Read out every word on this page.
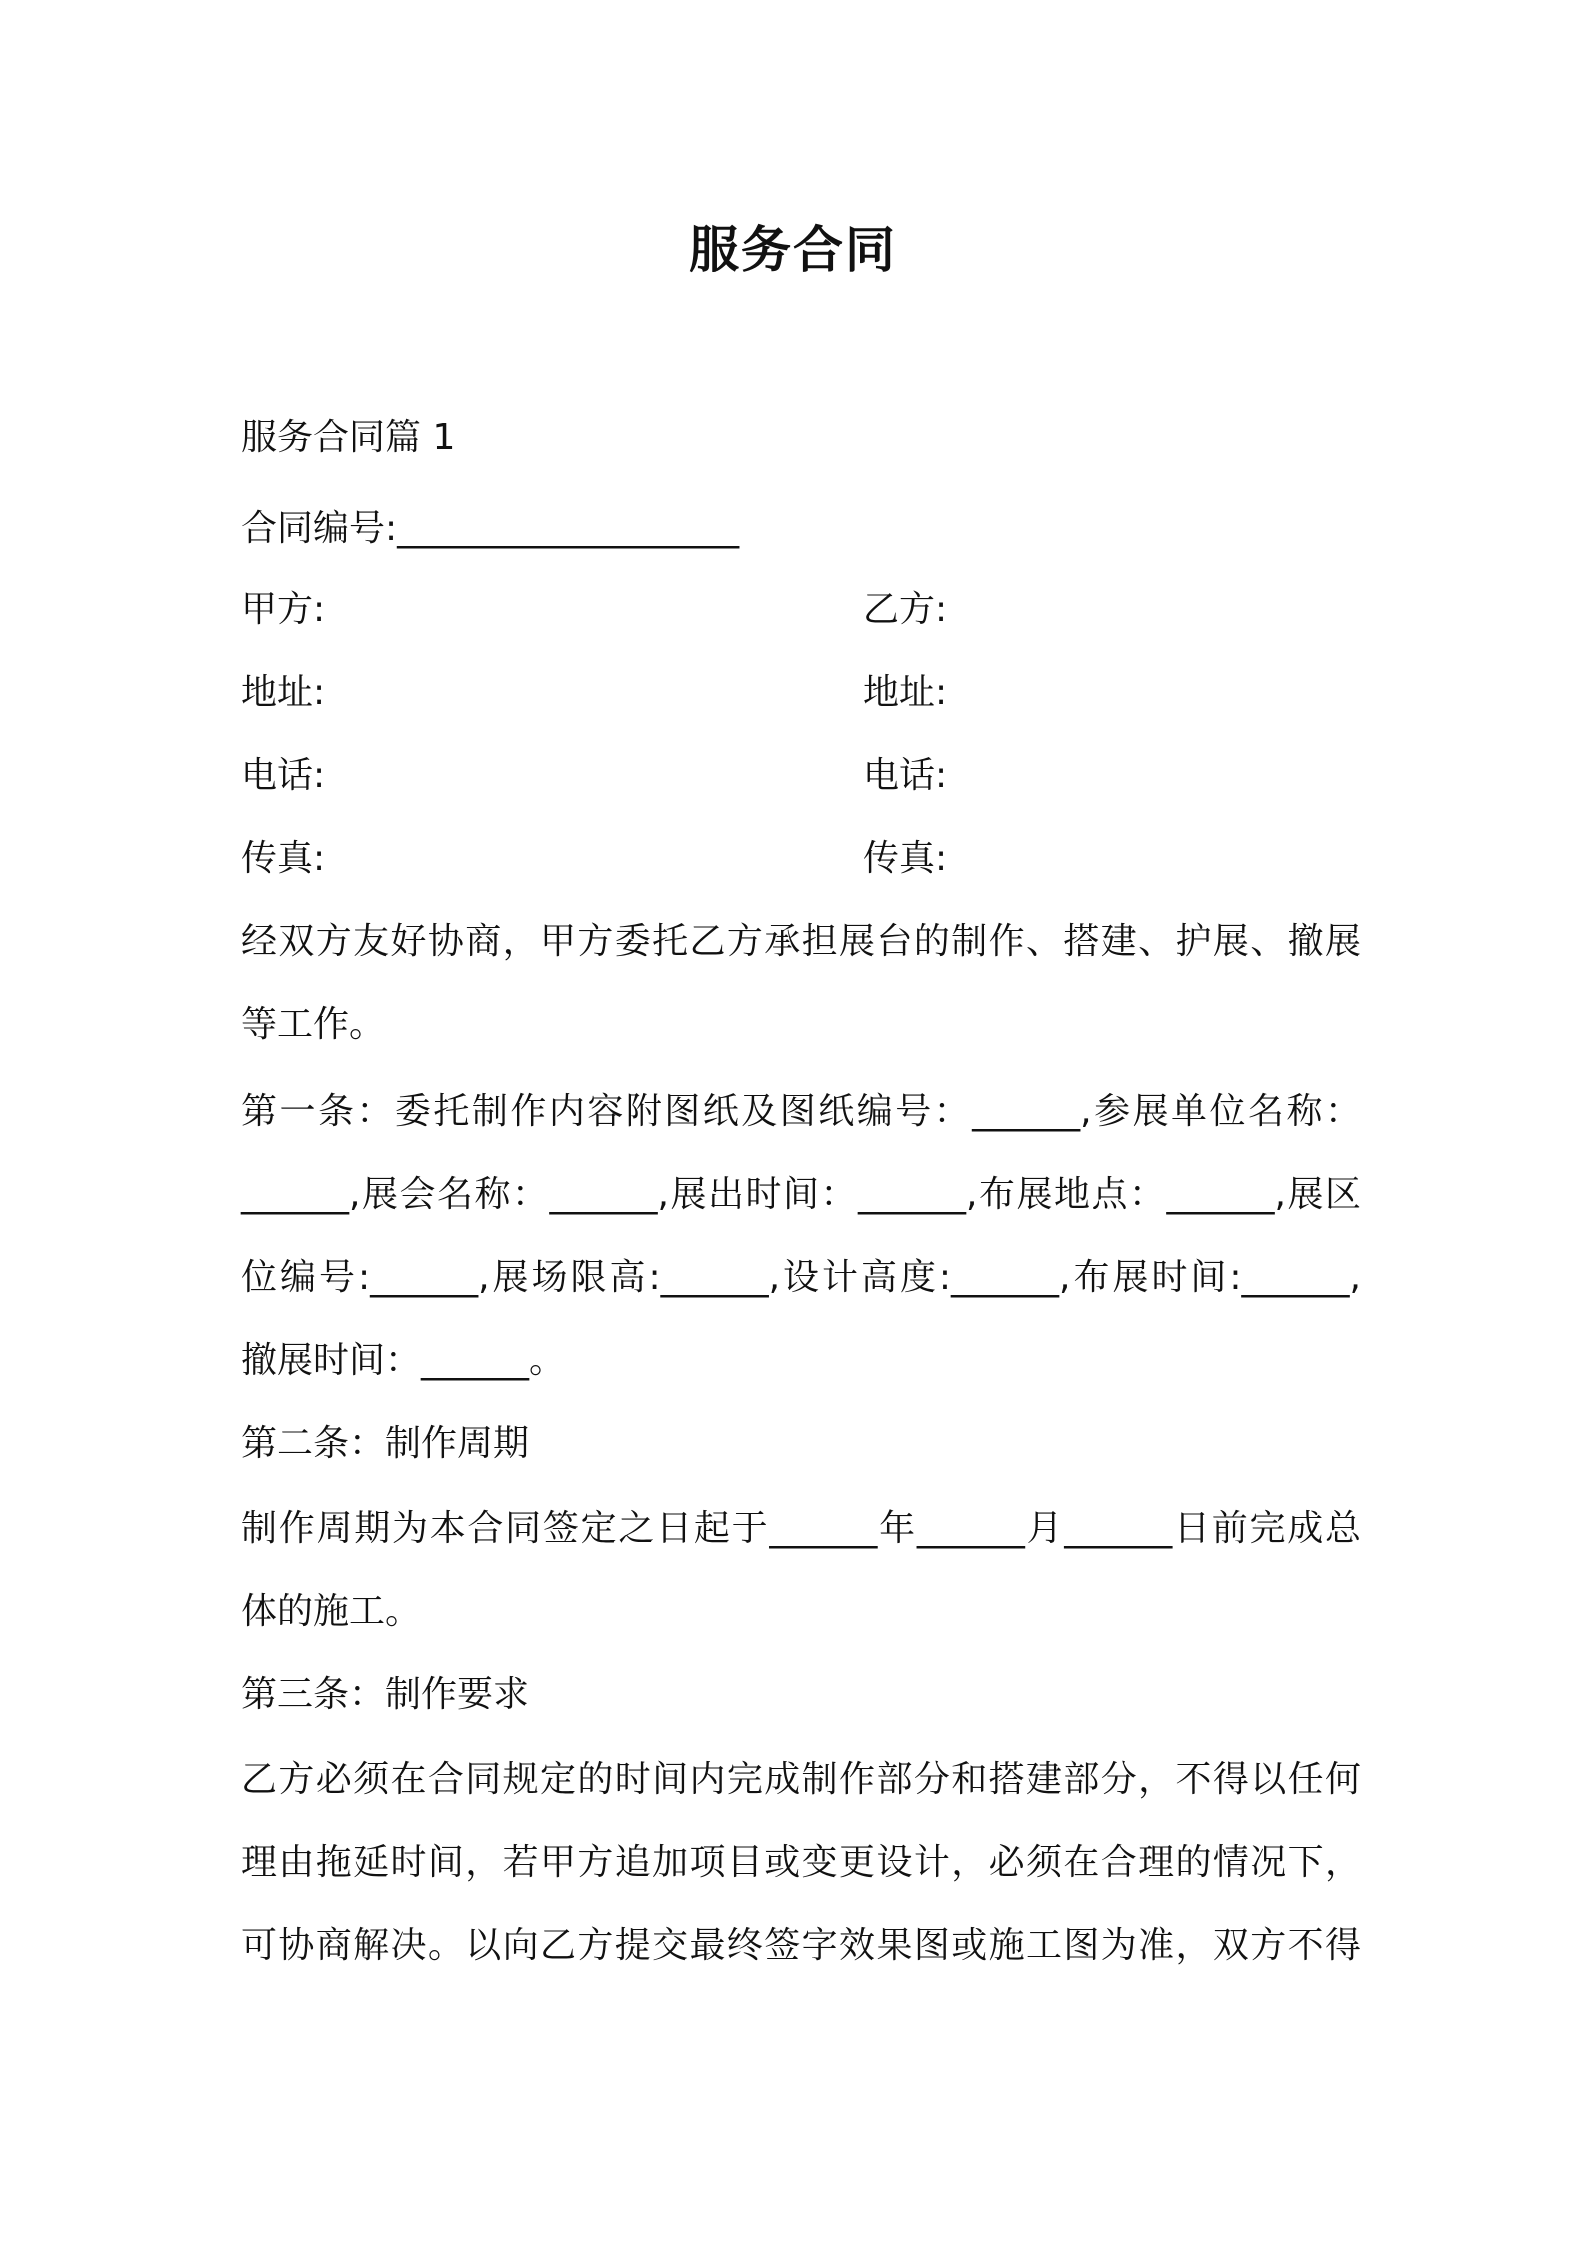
服务合同
服务合同篇 1
合同编号:___________________
甲方:	乙方:
地址:	地址:
电话:	电话:
传真:	传真:
经双方友好协商，甲方委托乙方承担展台的制作、搭建、护展、撤展
等工作。
第一条：委托制作内容附图纸及图纸编号：______,参展单位名称：
______,展会名称：______,展出时间：______,布展地点：______,展区
位编号:______,展场限高:______,设计高度:______,布展时间:______,
撤展时间：______。
第二条：制作周期
制作周期为本合同签定之日起于______年______月______日前完成总
体的施工。
第三条：制作要求
乙方必须在合同规定的时间内完成制作部分和搭建部分，不得以任何
理由拖延时间，若甲方追加项目或变更设计，必须在合理的情况下，
可协商解决。以向乙方提交最终签字效果图或施工图为准，双方不得
